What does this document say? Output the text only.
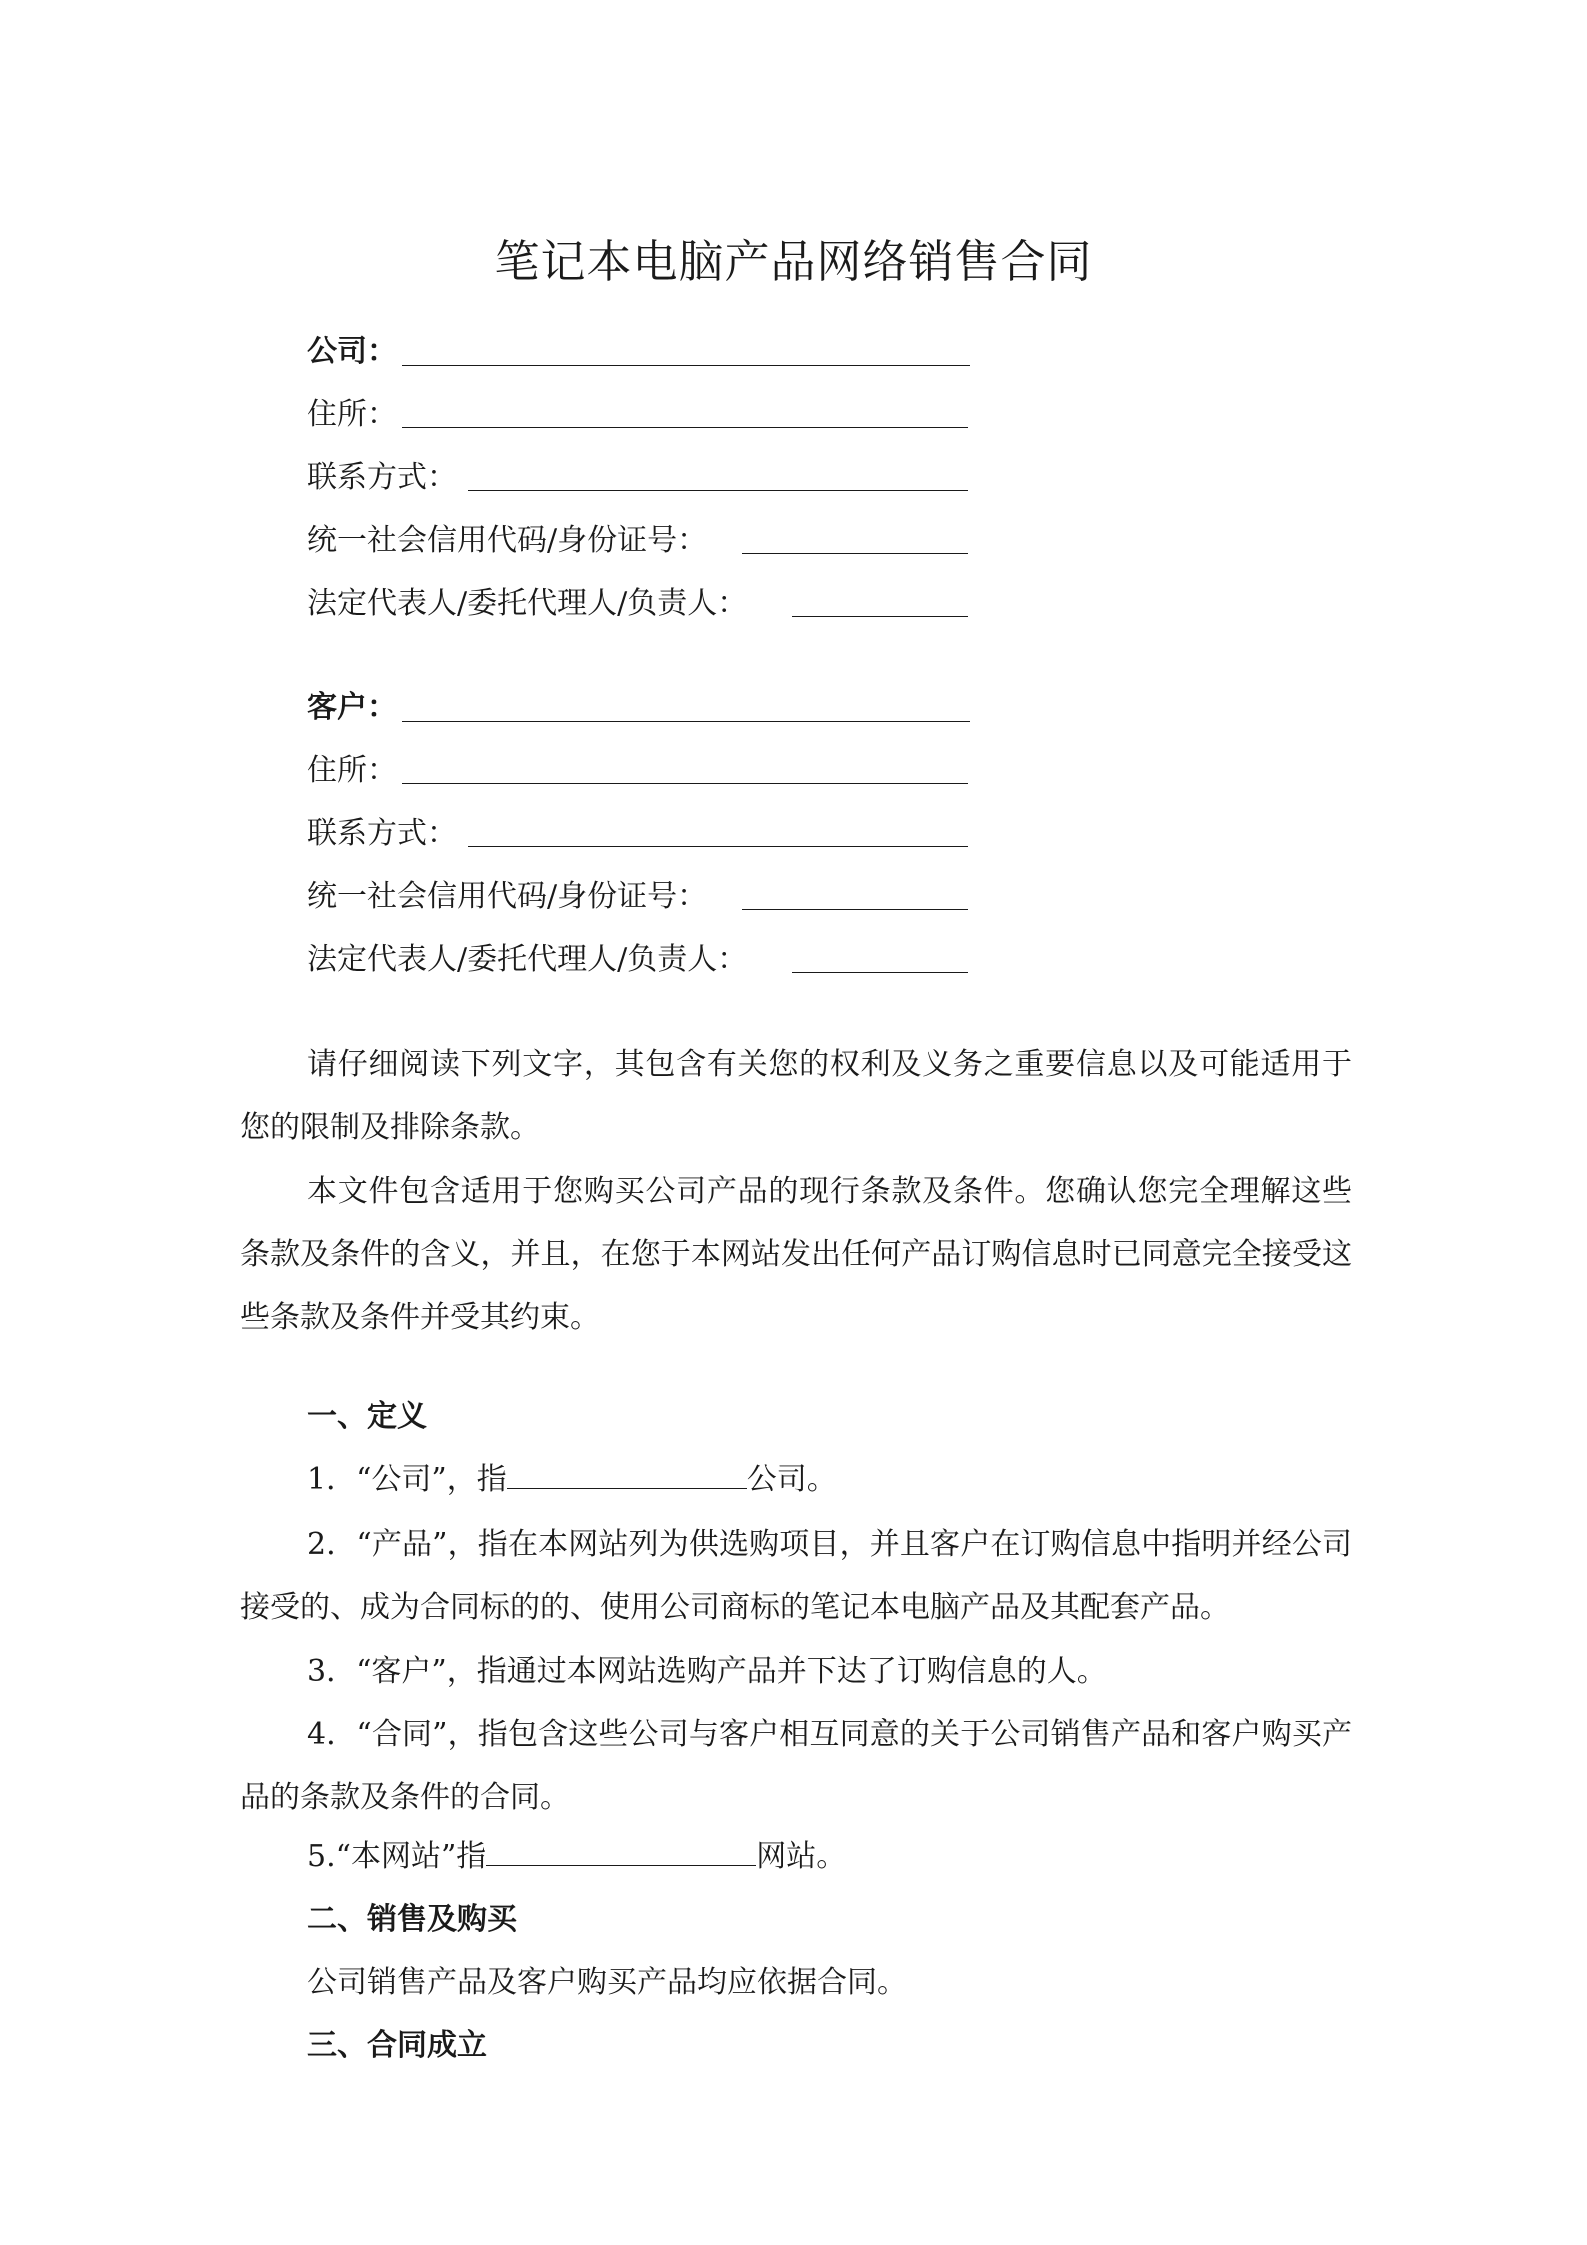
笔记本电脑产品网络销售合同
公司：
住所：
联系方式：
统一社会信用代码/身份证号：
法定代表人/委托代理人/负责人：
客户：
住所：
联系方式：
统一社会信用代码/身份证号：
法定代表人/委托代理人/负责人：
请仔细阅读下列文字，其包含有关您的权利及义务之重要信息以及可能适用于您的限制及排除条款。
本文件包含适用于您购买公司产品的现行条款及条件。您确认您完全理解这些条款及条件的含义，并且，在您于本网站发出任何产品订购信息时已同意完全接受这些条款及条件并受其约束。
一、定义
1．“公司”，指	公司。
2．“产品”，指在本网站列为供选购项目，并且客户在订购信息中指明并经公司接受的、成为合同标的的、使用公司商标的笔记本电脑产品及其配套产品。
3．“客户”，指通过本网站选购产品并下达了订购信息的人。
4．“合同”，指包含这些公司与客户相互同意的关于公司销售产品和客户购买产品的条款及条件的合同。
5.“本网站”指	网站。
二、销售及购买
公司销售产品及客户购买产品均应依据合同。
三、合同成立
